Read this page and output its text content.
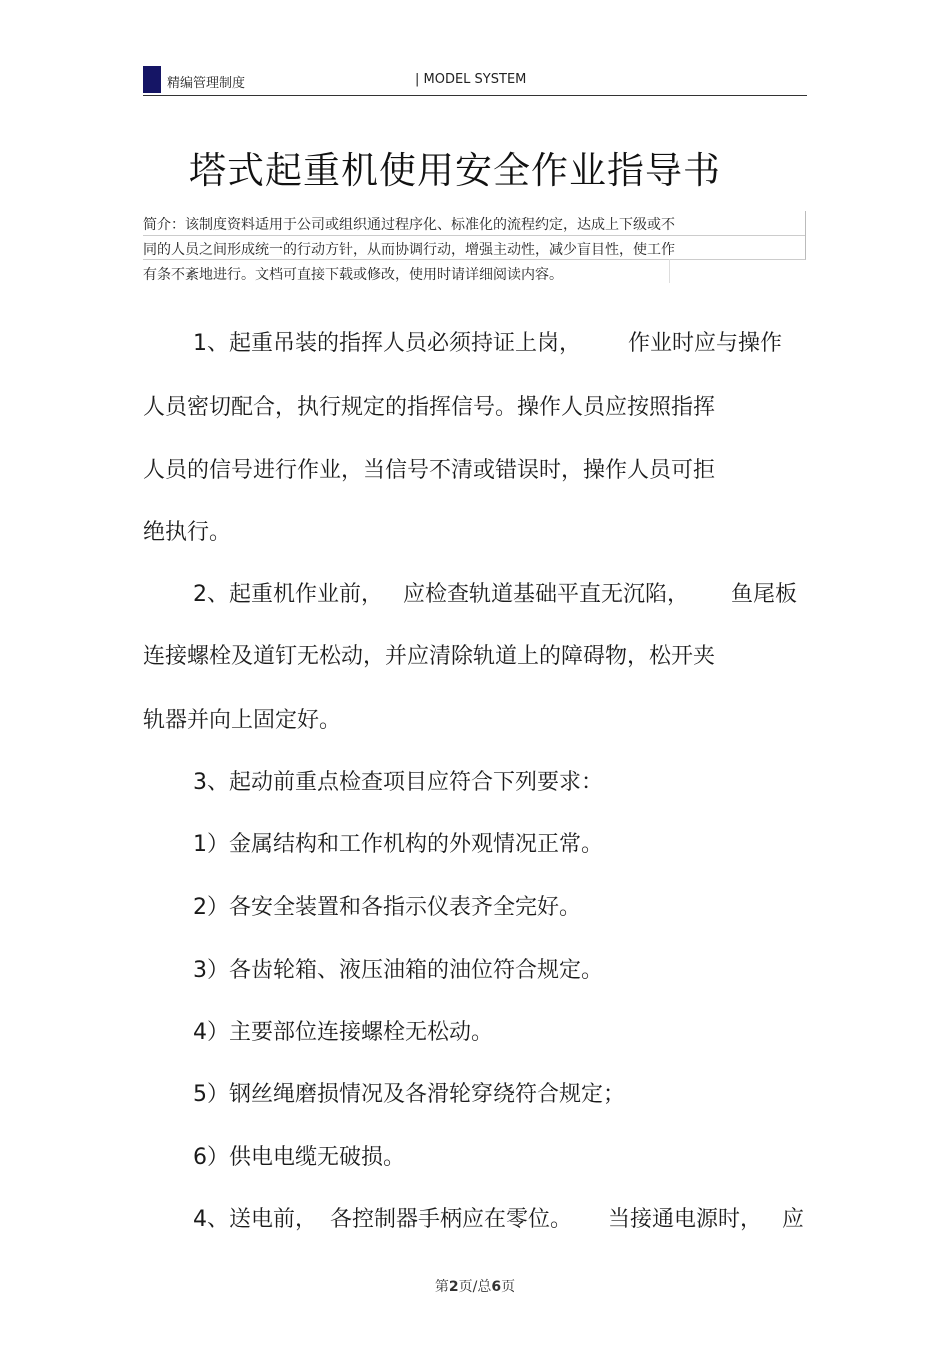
精编管理制度	| MODEL SYSTEM
塔式起重机使用安全作业指导书
简介：该制度资料适用于公司或组织通过程序化、标准化的流程约定，达成上下级或不
同的人员之间形成统一的行动方针，从而协调行动，增强主动性，减少盲目性，使工作
有条不紊地进行。文档可直接下载或修改，使用时请详细阅读内容。
1、起重吊装的指挥人员必须持证上岗， 作业时应与操作
人员密切配合，执行规定的指挥信号。操作人员应按照指挥
人员的信号进行作业，当信号不清或错误时，操作人员可拒
绝执行。
2、起重机作业前， 应检查轨道基础平直无沉陷， 鱼尾板
连接螺栓及道钉无松动，并应清除轨道上的障碍物，松开夹
轨器并向上固定好。
3、起动前重点检查项目应符合下列要求：
1）金属结构和工作机构的外观情况正常。
2）各安全装置和各指示仪表齐全完好。
3）各齿轮箱、液压油箱的油位符合规定。
4）主要部位连接螺栓无松动。
5）钢丝绳磨损情况及各滑轮穿绕符合规定；
6）供电电缆无破损。
4、送电前， 各控制器手柄应在零位。 当接通电源时， 应
第2页/总6页
